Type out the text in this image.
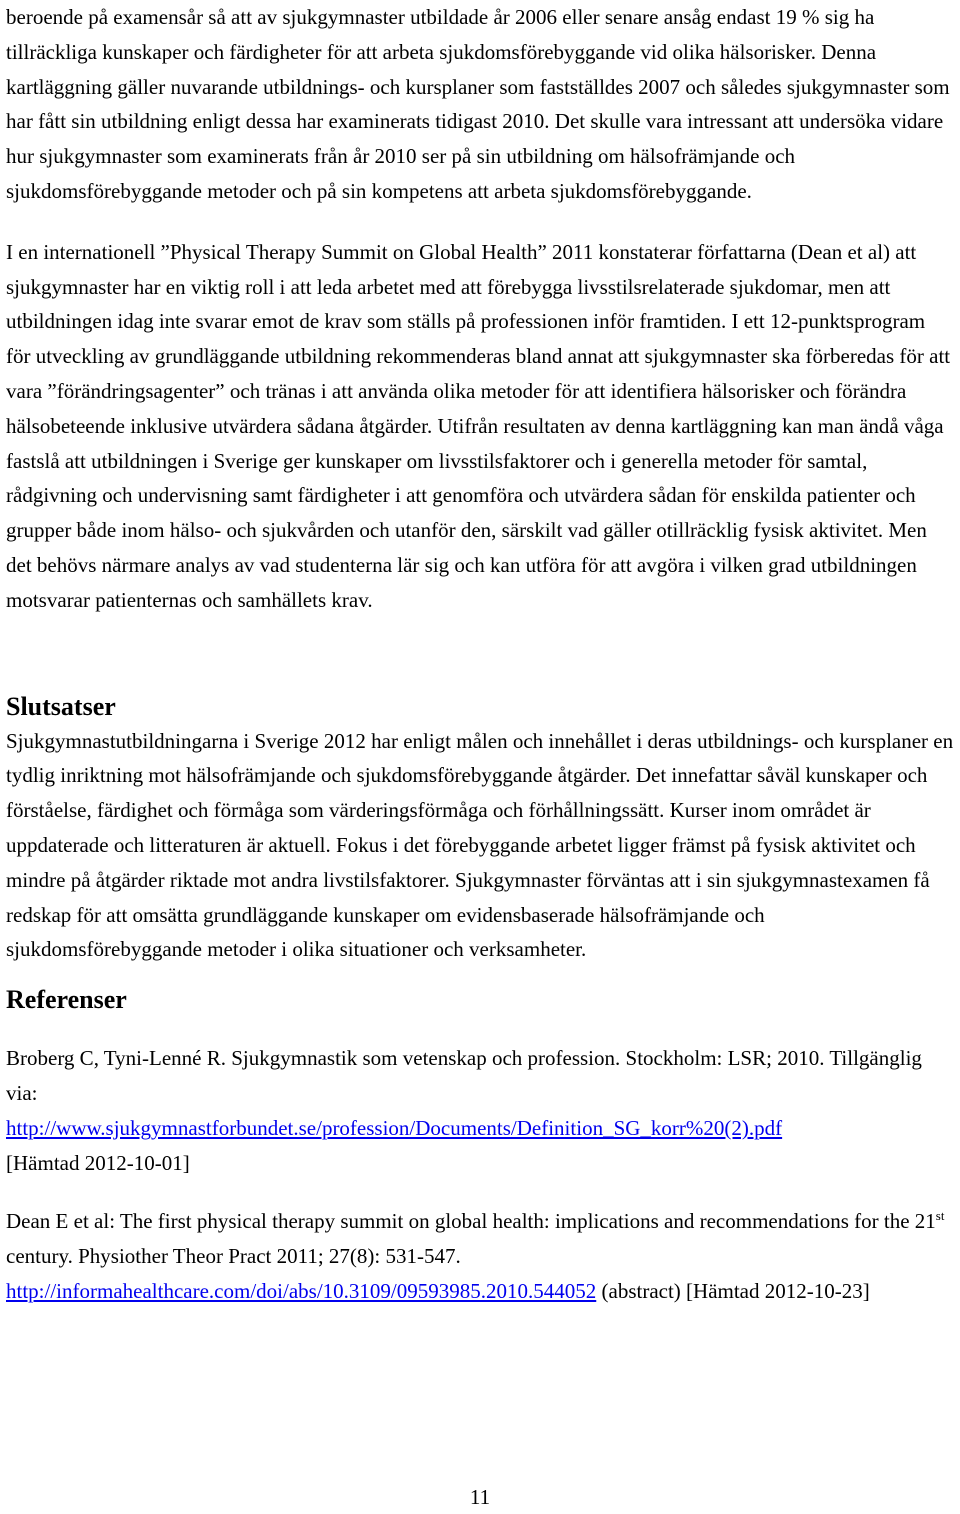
beroende på examensår så att av sjukgymnaster utbildade år 2006 eller senare ansåg endast 19 % sig ha tillräckliga kunskaper och färdigheter för att arbeta sjukdomsförebyggande vid olika hälsorisker. Denna kartläggning gäller nuvarande utbildnings- och kursplaner som fastställdes 2007 och således sjukgymnaster som har fått sin utbildning enligt dessa har examinerats tidigast 2010. Det skulle vara intressant att undersöka vidare hur sjukgymnaster som examinerats från år 2010 ser på sin utbildning om hälsofrämjande och sjukdomsförebyggande metoder och på sin kompetens att arbeta sjukdomsförebyggande.

I en internationell ”Physical Therapy Summit on Global Health” 2011 konstaterar författarna (Dean et al) att sjukgymnaster har en viktig roll i att leda arbetet med att förebygga livsstilsrelaterade sjukdomar, men att utbildningen idag inte svarar emot de krav som ställs på professionen inför framtiden. I ett 12-punktsprogram för utveckling av grundläggande utbildning rekommenderas bland annat att sjukgymnaster ska förberedas för att vara ”förändringsagenter” och tränas i att använda olika metoder för att identifiera hälsorisker och förändra hälsobeteende inklusive utvärdera sådana åtgärder. Utifrån resultaten av denna kartläggning kan man ändå våga fastslå att utbildningen i Sverige ger kunskaper om livsstilsfaktorer och i generella metoder för samtal, rådgivning och undervisning samt färdigheter i att genomföra och utvärdera sådan för enskilda patienter och grupper både inom hälso- och sjukvården och utanför den, särskilt vad gäller otillräcklig fysisk aktivitet. Men det behövs närmare analys av vad studenterna lär sig och kan utföra för att avgöra i vilken grad utbildningen motsvarar patienternas och samhällets krav.

Slutsatser

Sjukgymnastutbildningarna i Sverige 2012 har enligt målen och innehållet i deras utbildnings- och kursplaner en tydlig inriktning mot hälsofrämjande och sjukdomsförebyggande åtgärder. Det innefattar såväl kunskaper och förståelse, färdighet och förmåga som värderingsförmåga och förhållningssätt. Kurser inom området är uppdaterade och litteraturen är aktuell. Fokus i det förebyggande arbetet ligger främst på fysisk aktivitet och mindre på åtgärder riktade mot andra livstilsfaktorer. Sjukgymnaster förväntas att i sin sjukgymnastexamen få redskap för att omsätta grundläggande kunskaper om evidensbaserade hälsofrämjande och sjukdomsförebyggande metoder i olika situationer och verksamheter.

Referenser

Broberg C, Tyni-Lenné R. Sjukgymnastik som vetenskap och profession. Stockholm: LSR; 2010. Tillgänglig via:
http://www.sjukgymnastforbundet.se/profession/Documents/Definition_SG_korr%20(2).pdf
[Hämtad 2012-10-01]

Dean E et al: The first physical therapy summit on global health: implications and recommendations for the 21st century. Physiother Theor Pract 2011; 27(8): 531-547.
http://informahealthcare.com/doi/abs/10.3109/09593985.2010.544052 (abstract) [Hämtad 2012-10-23]

11
